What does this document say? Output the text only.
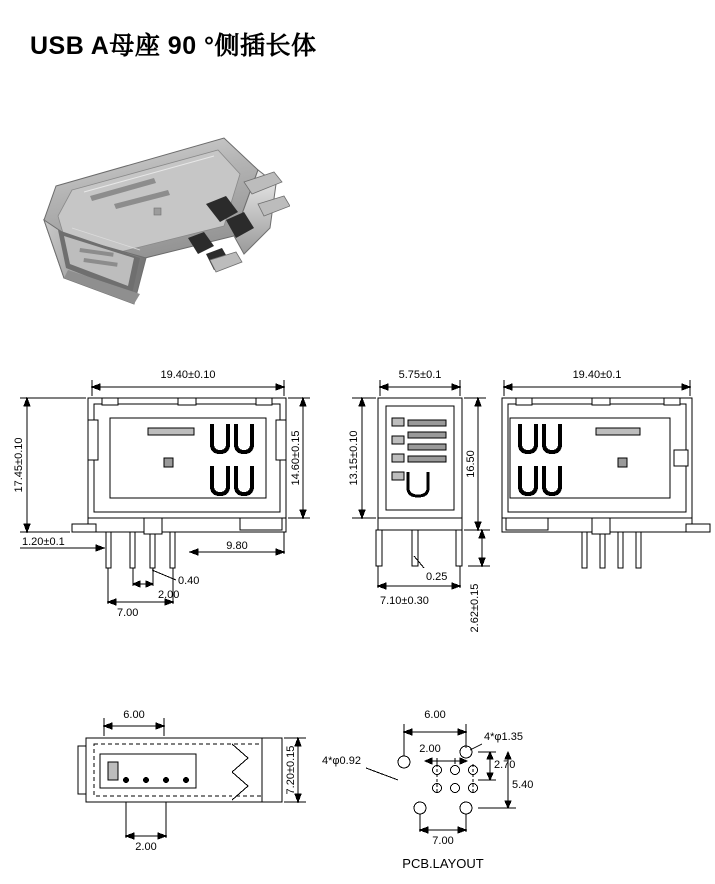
USB A母座 90 °侧插长体
19.40±0.10
17.45±0.10	14.60±0.15
1.20±0.1	9.80
0.40
2.00
7.00
5.75±0.1
13.15±0.10	16.50
0.25
7.10±0.30	2.62±0.15
19.40±0.1
6.00
7.20±0.15
2.00
6.00
2.00
4*φ0.92
4*φ1.35
2.70
5.40
7.00
PCB.LAYOUT
